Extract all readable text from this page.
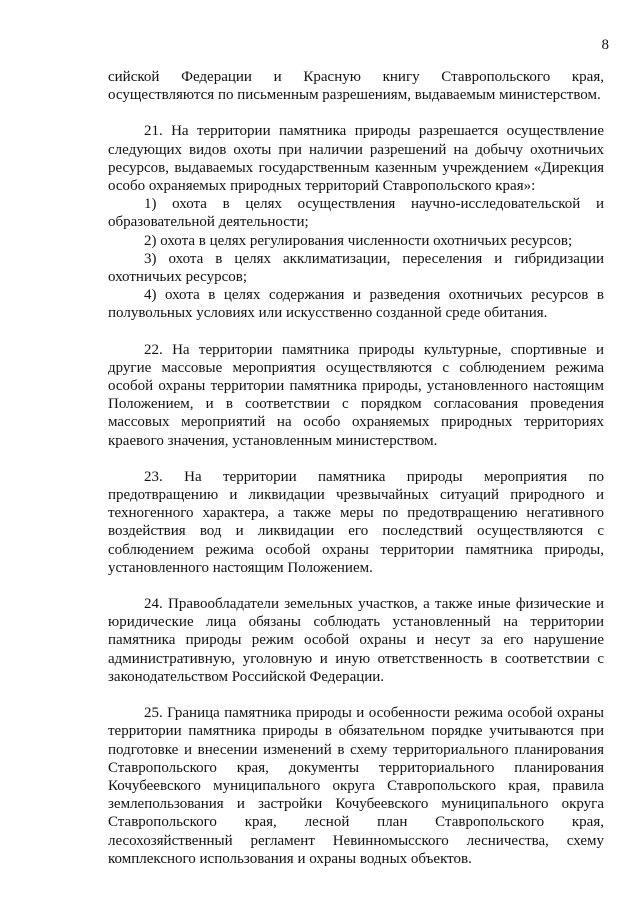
8

сийской Федерации и Красную книгу Ставропольского края, осуществляются по письменным разрешениям, выдаваемым министерством.

21. На территории памятника природы разрешается осуществление следующих видов охоты при наличии разрешений на добычу охотничьих ресурсов, выдаваемых государственным казенным учреждением «Дирекция особо охраняемых природных территорий Ставропольского края»:

1) охота в целях осуществления научно-исследовательской и образовательной деятельности;

2) охота в целях регулирования численности охотничьих ресурсов;

3) охота в целях акклиматизации, переселения и гибридизации охотничьих ресурсов;

4) охота в целях содержания и разведения охотничьих ресурсов в полувольных условиях или искусственно созданной среде обитания.

22. На территории памятника природы культурные, спортивные и другие массовые мероприятия осуществляются с соблюдением режима особой охраны территории памятника природы, установленного настоящим Положением, и в соответствии с порядком согласования проведения массовых мероприятий на особо охраняемых природных территориях краевого значения, установленным министерством.

23. На территории памятника природы мероприятия по предотвращению и ликвидации чрезвычайных ситуаций природного и техногенного характера, а также меры по предотвращению негативного воздействия вод и ликвидации его последствий осуществляются с соблюдением режима особой охраны территории памятника природы, установленного настоящим Положением.

24. Правообладатели земельных участков, а также иные физические и юридические лица обязаны соблюдать установленный на территории памятника природы режим особой охраны и несут за его нарушение административную, уголовную и иную ответственность в соответствии с законодательством Российской Федерации.

25. Граница памятника природы и особенности режима особой охраны территории памятника природы в обязательном порядке учитываются при подготовке и внесении изменений в схему территориального планирования Ставропольского края, документы территориального планирования Кочубеевского муниципального округа Ставропольского края, правила землепользования и застройки Кочубеевского муниципального округа Ставропольского края, лесной план Ставропольского края, лесохозяйственный регламент Невинномысского лесничества, схему комплексного использования и охраны водных объектов.
